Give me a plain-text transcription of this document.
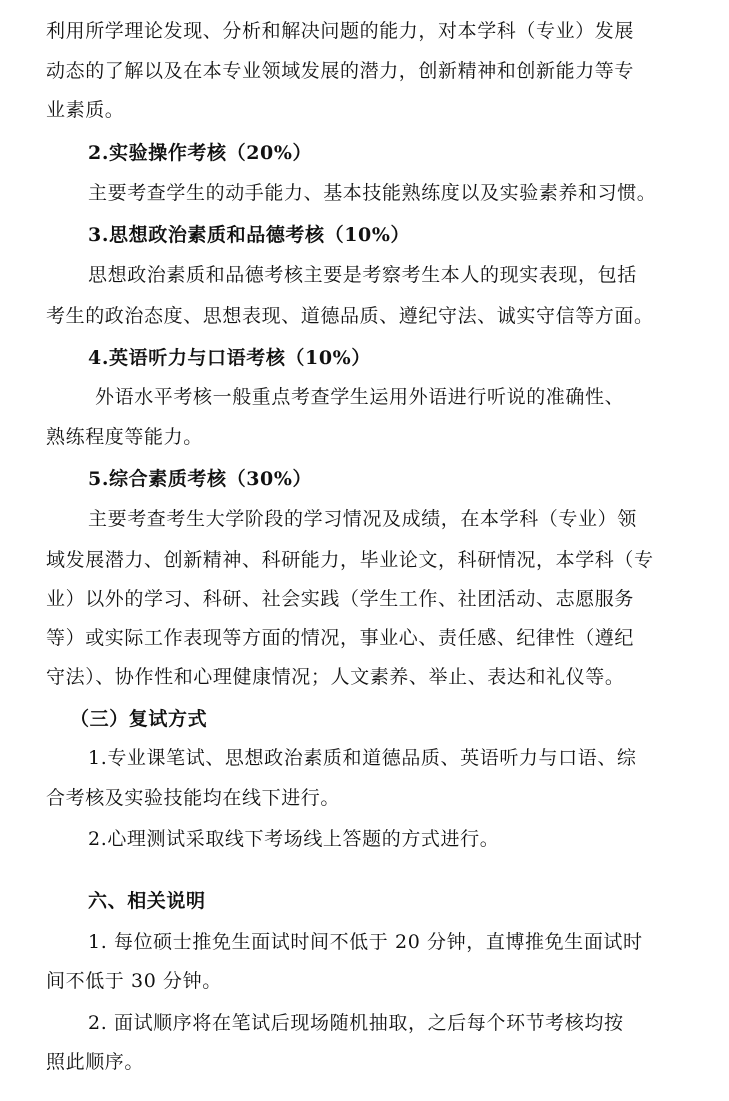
利用所学理论发现、分析和解决问题的能力，对本学科（专业）发展
动态的了解以及在本专业领域发展的潜力，创新精神和创新能力等专
业素质。
2.实验操作考核（20%）
主要考查学生的动手能力、基本技能熟练度以及实验素养和习惯。
3.思想政治素质和品德考核（10%）
思想政治素质和品德考核主要是考察考生本人的现实表现，包括
考生的政治态度、思想表现、道德品质、遵纪守法、诚实守信等方面。
4.英语听力与口语考核（10%）
外语水平考核一般重点考查学生运用外语进行听说的准确性、
熟练程度等能力。
5.综合素质考核（30%）
主要考查考生大学阶段的学习情况及成绩，在本学科（专业）领
域发展潜力、创新精神、科研能力，毕业论文，科研情况，本学科（专
业）以外的学习、科研、社会实践（学生工作、社团活动、志愿服务
等）或实际工作表现等方面的情况，事业心、责任感、纪律性（遵纪
守法）、协作性和心理健康情况；人文素养、举止、表达和礼仪等。
（三）复试方式
1.专业课笔试、思想政治素质和道德品质、英语听力与口语、综
合考核及实验技能均在线下进行。
2.心理测试采取线下考场线上答题的方式进行。
六、相关说明
1. 每位硕士推免生面试时间不低于 20 分钟，直博推免生面试时
间不低于 30 分钟。
2. 面试顺序将在笔试后现场随机抽取，之后每个环节考核均按
照此顺序。
